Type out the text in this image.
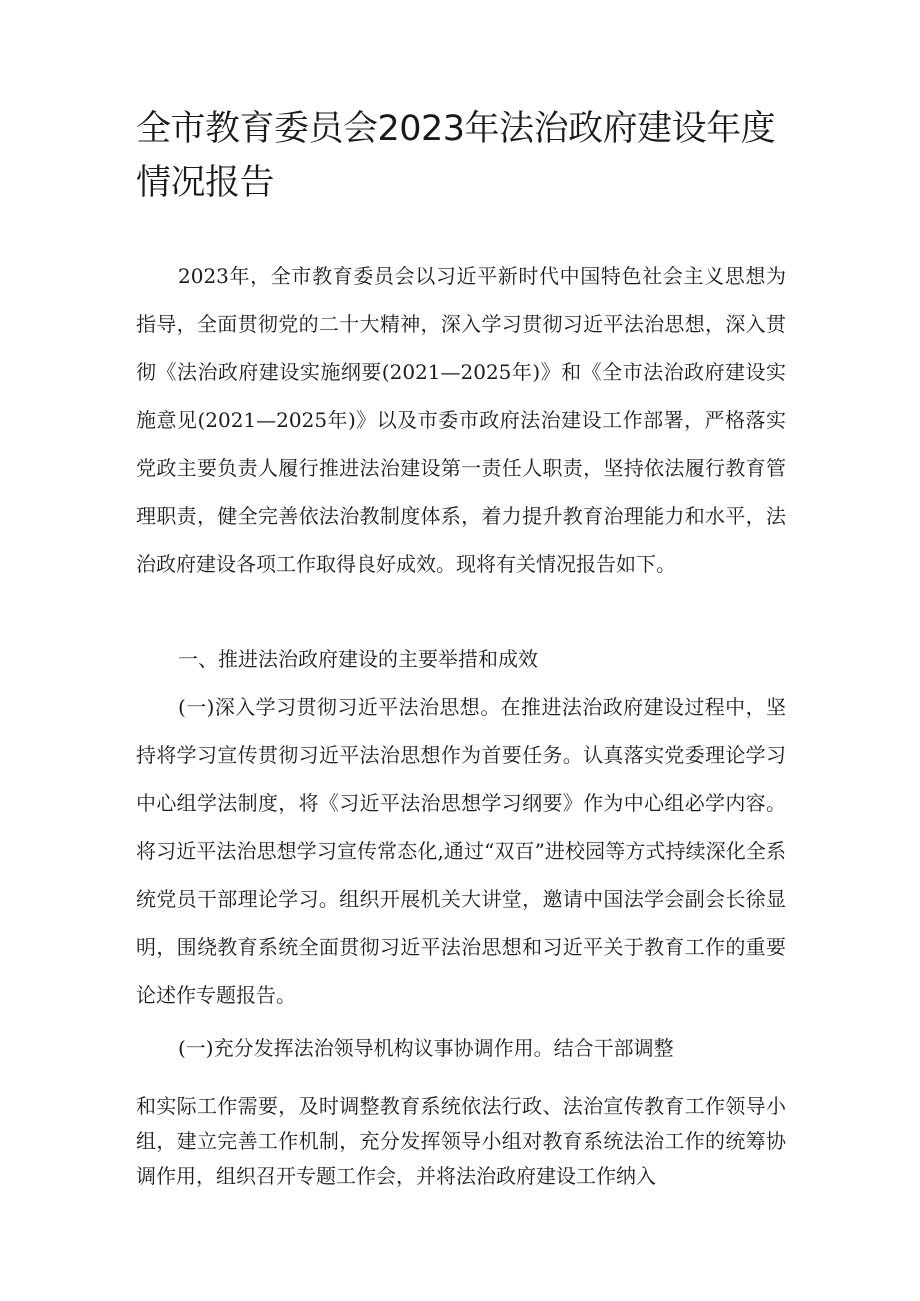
全市教育委员会2023年法治政府建设年度情况报告

2023年，全市教育委员会以习近平新时代中国特色社会主义思想为指导，全面贯彻党的二十大精神，深入学习贯彻习近平法治思想，深入贯彻《法治政府建设实施纲要(2021—2025年)》和《全市法治政府建设实施意见(2021—2025年)》以及市委市政府法治建设工作部署，严格落实党政主要负责人履行推进法治建设第一责任人职责，坚持依法履行教育管理职责，健全完善依法治教制度体系，着力提升教育治理能力和水平，法治政府建设各项工作取得良好成效。现将有关情况报告如下。

一、推进法治政府建设的主要举措和成效

(一)深入学习贯彻习近平法治思想。在推进法治政府建设过程中，坚持将学习宣传贯彻习近平法治思想作为首要任务。认真落实党委理论学习中心组学法制度，将《习近平法治思想学习纲要》作为中心组必学内容。将习近平法治思想学习宣传常态化,通过“双百”进校园等方式持续深化全系统党员干部理论学习。组织开展机关大讲堂，邀请中国法学会副会长徐显明，围绕教育系统全面贯彻习近平法治思想和习近平关于教育工作的重要论述作专题报告。

(一)充分发挥法治领导机构议事协调作用。结合干部调整

和实际工作需要，及时调整教育系统依法行政、法治宣传教育工作领导小组，建立完善工作机制，充分发挥领导小组对教育系统法治工作的统筹协调作用，组织召开专题工作会，并将法治政府建设工作纳入
